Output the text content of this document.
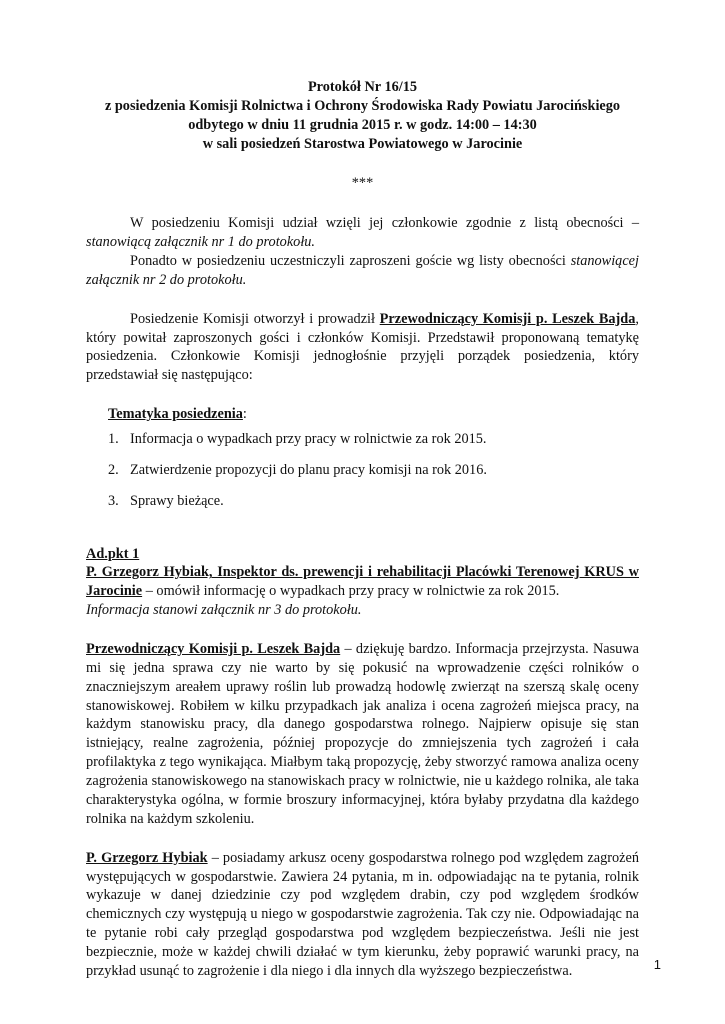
Protokół Nr 16/15

z posiedzenia Komisji Rolnictwa i Ochrony Środowiska Rady Powiatu Jarocińskiego

odbytego w dniu 11 grudnia 2015 r. w godz. 14:00 – 14:30

w sali posiedzeń Starostwa Powiatowego w Jarocinie

***

W posiedzeniu Komisji udział wzięli jej członkowie zgodnie z listą obecności – stanowiącą załącznik nr 1 do protokołu.

Ponadto w posiedzeniu uczestniczyli zaproszeni goście wg listy obecności stanowiącej załącznik nr 2 do protokołu.

Posiedzenie Komisji otworzył i prowadził Przewodniczący Komisji p. Leszek Bajda, który powitał zaproszonych gości i członków Komisji. Przedstawił proponowaną tematykę posiedzenia. Członkowie Komisji jednogłośnie przyjęli porządek posiedzenia, który przedstawiał się następująco:

Tematyka posiedzenia:

1. Informacja o wypadkach przy pracy w rolnictwie za rok 2015.
2. Zatwierdzenie propozycji do planu pracy komisji na rok 2016.
3. Sprawy bieżące.

Ad.pkt 1

P. Grzegorz Hybiak, Inspektor ds. prewencji i rehabilitacji Placówki Terenowej KRUS w Jarocinie – omówił informację o wypadkach przy pracy w rolnictwie za rok 2015.

Informacja stanowi załącznik nr 3 do protokołu.

Przewodniczący Komisji p. Leszek Bajda – dziękuję bardzo. Informacja przejrzysta. Nasuwa mi się jedna sprawa czy nie warto by się pokusić na wprowadzenie części rolników o znaczniejszym areałem uprawy roślin lub prowadzą hodowlę zwierząt na szerszą skalę oceny stanowiskowej. Robiłem w kilku przypadkach jak analiza i ocena zagrożeń miejsca pracy, na każdym stanowisku pracy, dla danego gospodarstwa rolnego. Najpierw opisuje się stan istniejący, realne zagrożenia, później propozycje do zmniejszenia tych zagrożeń i cała profilaktyka z tego wynikająca. Miałbym taką propozycję, żeby stworzyć ramowa analiza oceny zagrożenia stanowiskowego na stanowiskach pracy w rolnictwie, nie u każdego rolnika, ale taka charakterystyka ogólna, w formie broszury informacyjnej, która byłaby przydatna dla każdego rolnika na każdym szkoleniu.

P. Grzegorz Hybiak – posiadamy arkusz oceny gospodarstwa rolnego pod względem zagrożeń występujących w gospodarstwie. Zawiera 24 pytania, m in. odpowiadając na te pytania, rolnik wykazuje w danej dziedzinie czy pod względem drabin, czy pod względem środków chemicznych czy występują u niego w gospodarstwie zagrożenia. Tak czy nie. Odpowiadając na te pytanie robi cały przegląd gospodarstwa pod względem bezpieczeństwa. Jeśli nie jest bezpiecznie, może w każdej chwili działać w tym kierunku, żeby poprawić warunki pracy, na przykład usunąć to zagrożenie i dla niego i dla innych dla wyższego bezpieczeństwa.	1
